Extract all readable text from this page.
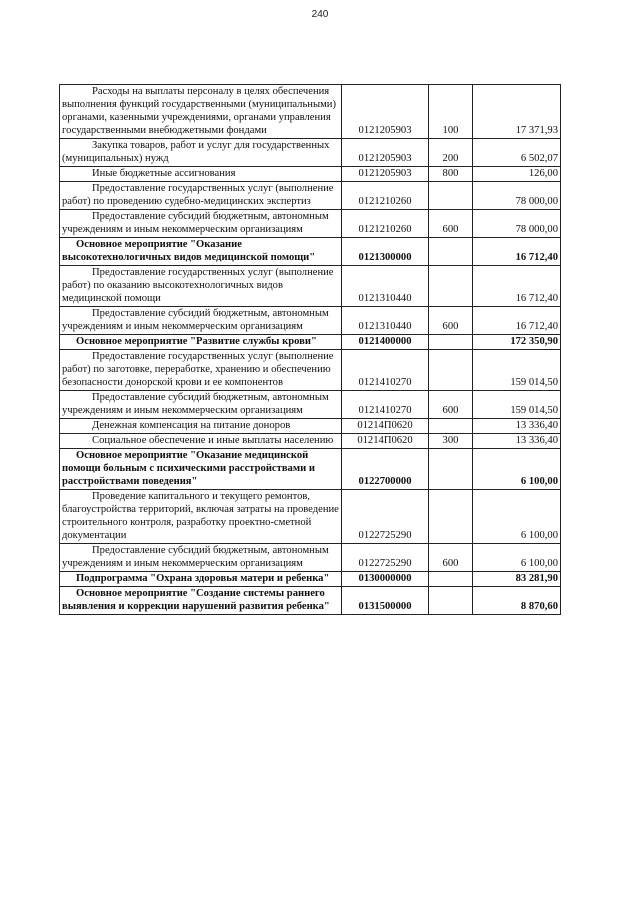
240
Расходы на выплаты персоналу в целях обеспечения выполнения функций государственными (муниципальными) органами, казенными учреждениями, органами управления государственными внебюджетными фондами	0121205903	100	17 371,93
Закупка товаров, работ и услуг для государственных (муниципальных) нужд	0121205903	200	6 502,07
Иные бюджетные ассигнования	0121205903	800	126,00
Предоставление государственных услуг (выполнение работ) по проведению судебно-медицинских экспертиз	0121210260		78 000,00
Предоставление субсидий бюджетным, автономным учреждениям и иным некоммерческим организациям	0121210260	600	78 000,00
Основное мероприятие "Оказание высокотехнологичных видов медицинской помощи"	0121300000		16 712,40
Предоставление государственных услуг (выполнение работ) по оказанию высокотехнологичных видов медицинской помощи	0121310440		16 712,40
Предоставление субсидий бюджетным, автономным учреждениям и иным некоммерческим организациям	0121310440	600	16 712,40
Основное мероприятие "Развитие службы крови"	0121400000		172 350,90
Предоставление государственных услуг (выполнение работ) по заготовке, переработке, хранению и обеспечению безопасности донорской крови и ее компонентов	0121410270		159 014,50
Предоставление субсидий бюджетным, автономным учреждениям и иным некоммерческим организациям	0121410270	600	159 014,50
Денежная компенсация на питание доноров	01214П0620		13 336,40
Социальное обеспечение и иные выплаты населению	01214П0620	300	13 336,40
Основное мероприятие "Оказание медицинской помощи больным с психическими расстройствами и расстройствами поведения"	0122700000		6 100,00
Проведение капитального и текущего ремонтов, благоустройства территорий, включая затраты на проведение строительного контроля, разработку проектно-сметной документации	0122725290		6 100,00
Предоставление субсидий бюджетным, автономным учреждениям и иным некоммерческим организациям	0122725290	600	6 100,00
Подпрограмма "Охрана здоровья матери и ребенка"	0130000000		83 281,90
Основное мероприятие "Создание системы раннего выявления и коррекции нарушений развития ребенка"	0131500000		8 870,60
